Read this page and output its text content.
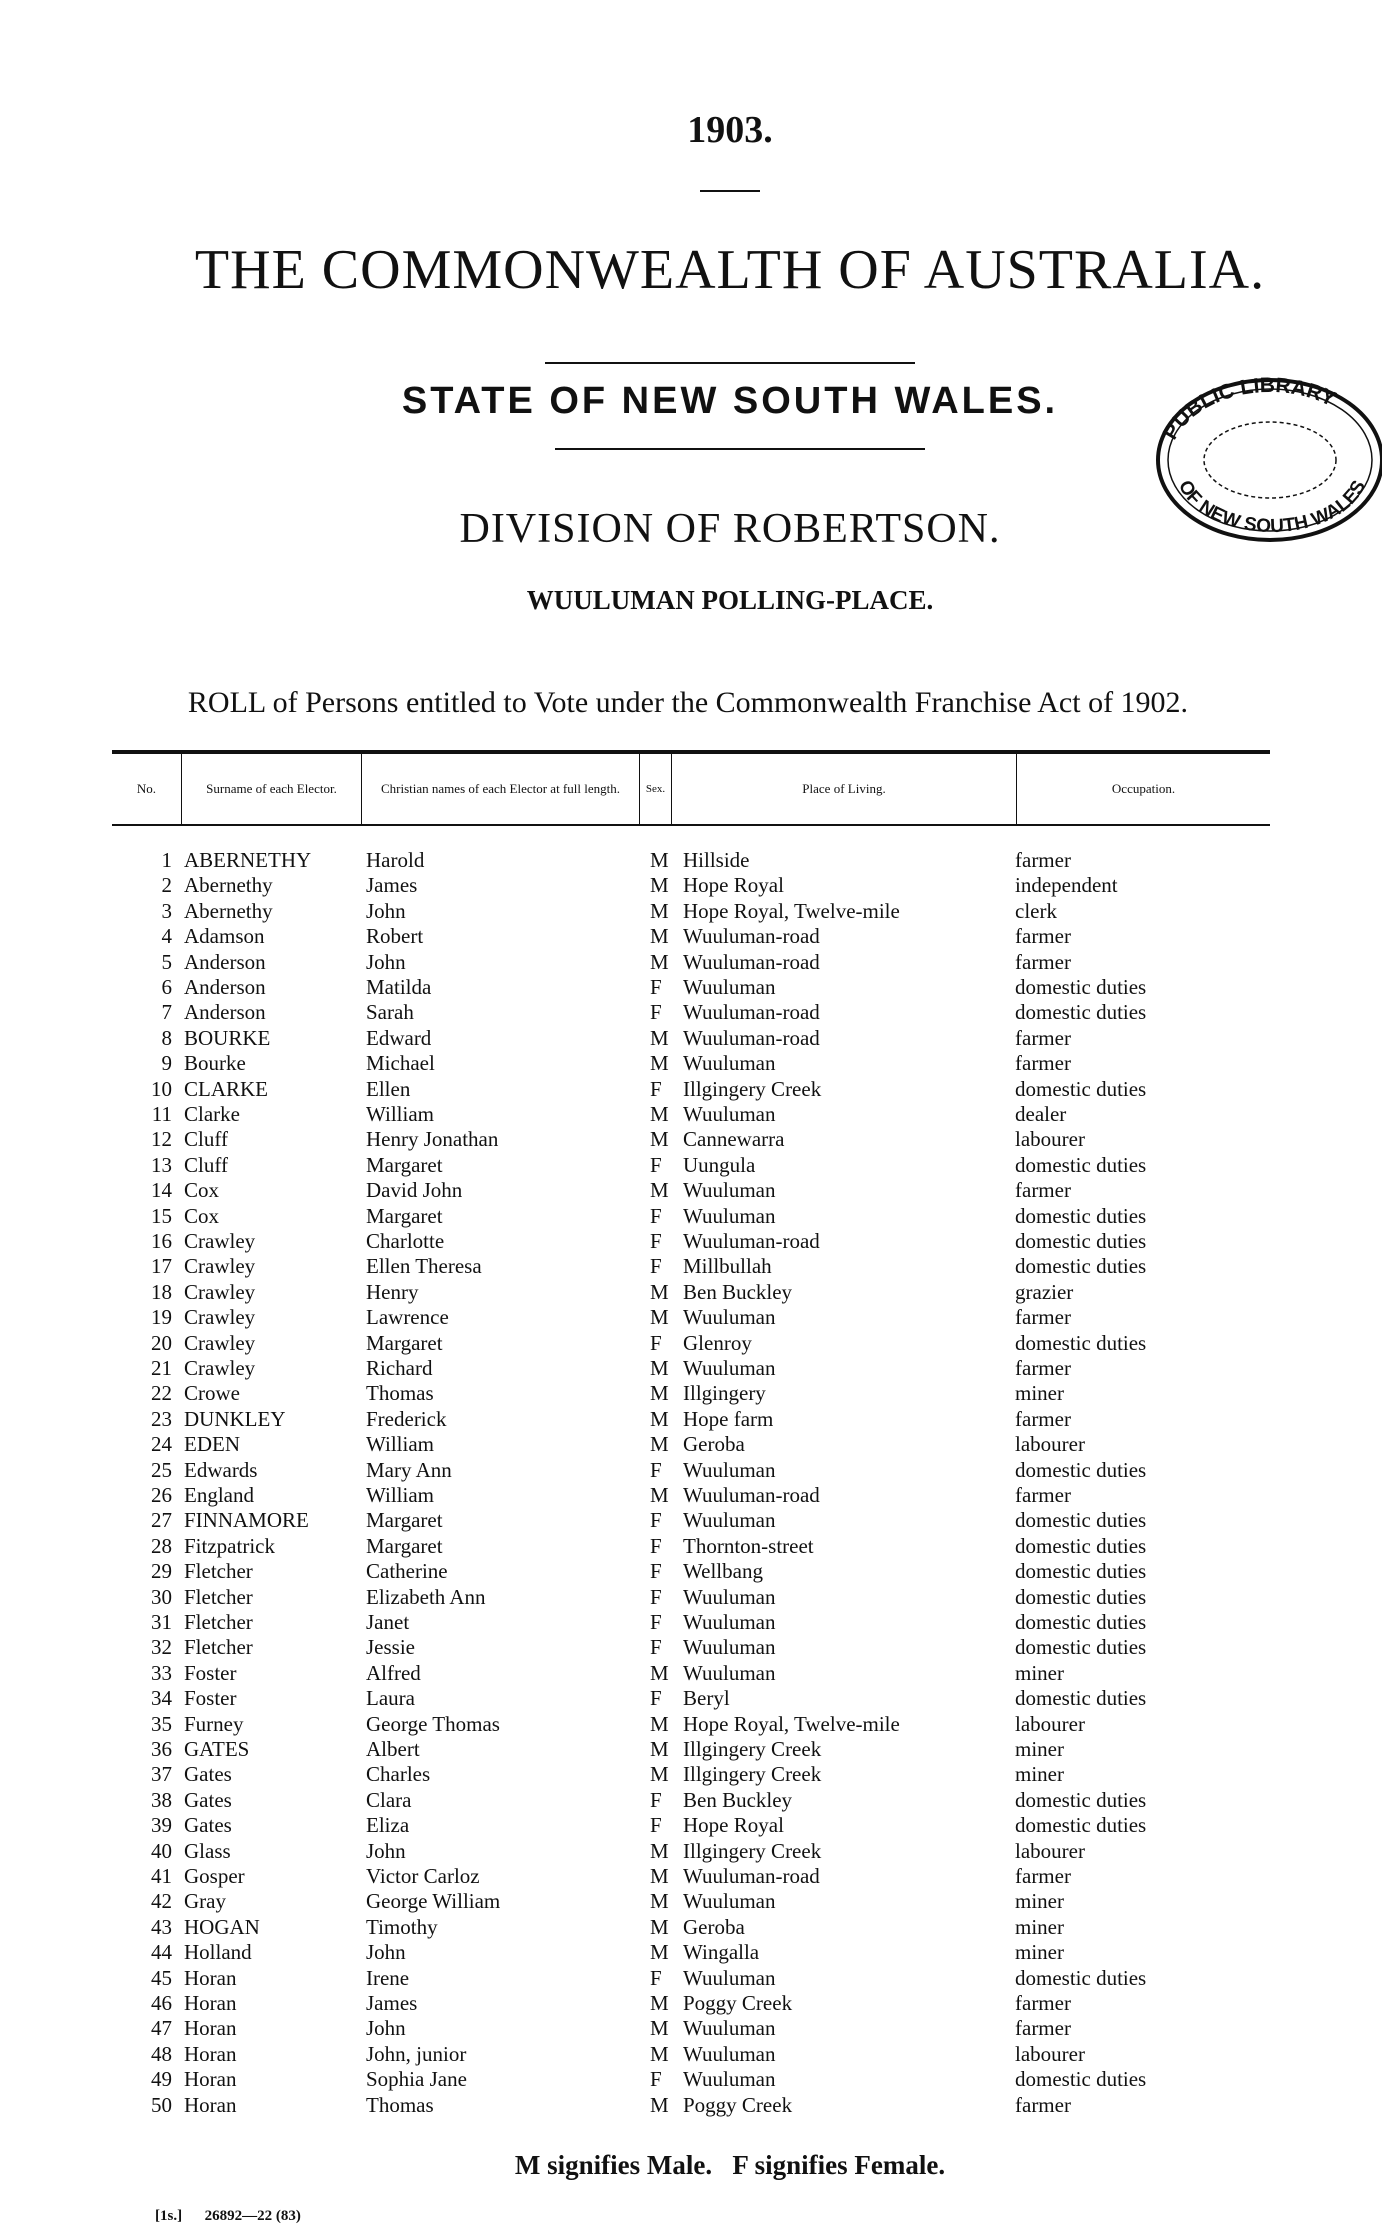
1903.
THE COMMONWEALTH OF AUSTRALIA.
STATE OF NEW SOUTH WALES.
DIVISION OF ROBERTSON.
WUULUMAN POLLING-PLACE.
ROLL of Persons entitled to Vote under the Commonwealth Franchise Act of 1902.
PUBLIC LIBRARY
OF NEW SOUTH WALES
No.	Surname of each Elector.	Christian names of each Elector at full length.	Sex.	Place of Living.	Occupation.
1 ABERNETHY	Harold	M Hillside	farmer
2 Abernethy	James	M Hope Royal	independent
3 Abernethy	John	M Hope Royal, Twelve-mile	clerk
4 Adamson	Robert	M Wuuluman-road	farmer
5 Anderson	John	M Wuuluman-road	farmer
6 Anderson	Matilda	F Wuuluman	domestic duties
7 Anderson	Sarah	F Wuuluman-road	domestic duties
8 BOURKE	Edward	M Wuuluman-road	farmer
9 Bourke	Michael	M Wuuluman	farmer
10 CLARKE	Ellen	F Illgingery Creek	domestic duties
11 Clarke	William	M Wuuluman	dealer
12 Cluff	Henry Jonathan	M Cannewarra	labourer
13 Cluff	Margaret	F Uungula	domestic duties
14 Cox	David John	M Wuuluman	farmer
15 Cox	Margaret	F Wuuluman	domestic duties
16 Crawley	Charlotte	F Wuuluman-road	domestic duties
17 Crawley	Ellen Theresa	F Millbullah	domestic duties
18 Crawley	Henry	M Ben Buckley	grazier
19 Crawley	Lawrence	M Wuuluman	farmer
20 Crawley	Margaret	F Glenroy	domestic duties
21 Crawley	Richard	M Wuuluman	farmer
22 Crowe	Thomas	M Illgingery	miner
23 DUNKLEY	Frederick	M Hope farm	farmer
24 EDEN	William	M Geroba	labourer
25 Edwards	Mary Ann	F Wuuluman	domestic duties
26 England	William	M Wuuluman-road	farmer
27 FINNAMORE	Margaret	F Wuuluman	domestic duties
28 Fitzpatrick	Margaret	F Thornton-street	domestic duties
29 Fletcher	Catherine	F Wellbang	domestic duties
30 Fletcher	Elizabeth Ann	F Wuuluman	domestic duties
31 Fletcher	Janet	F Wuuluman	domestic duties
32 Fletcher	Jessie	F Wuuluman	domestic duties
33 Foster	Alfred	M Wuuluman	miner
34 Foster	Laura	F Beryl	domestic duties
35 Furney	George Thomas	M Hope Royal, Twelve-mile	labourer
36 GATES	Albert	M Illgingery Creek	miner
37 Gates	Charles	M Illgingery Creek	miner
38 Gates	Clara	F Ben Buckley	domestic duties
39 Gates	Eliza	F Hope Royal	domestic duties
40 Glass	John	M Illgingery Creek	labourer
41 Gosper	Victor Carloz	M Wuuluman-road	farmer
42 Gray	George William	M Wuuluman	miner
43 HOGAN	Timothy	M Geroba	miner
44 Holland	John	M Wingalla	miner
45 Horan	Irene	F Wuuluman	domestic duties
46 Horan	James	M Poggy Creek	farmer
47 Horan	John	M Wuuluman	farmer
48 Horan	John, junior	M Wuuluman	labourer
49 Horan	Sophia Jane	F Wuuluman	domestic duties
50 Horan	Thomas	M Poggy Creek	farmer
M signifies Male.   F signifies Female.
[1s.]      26892—22 (83)
